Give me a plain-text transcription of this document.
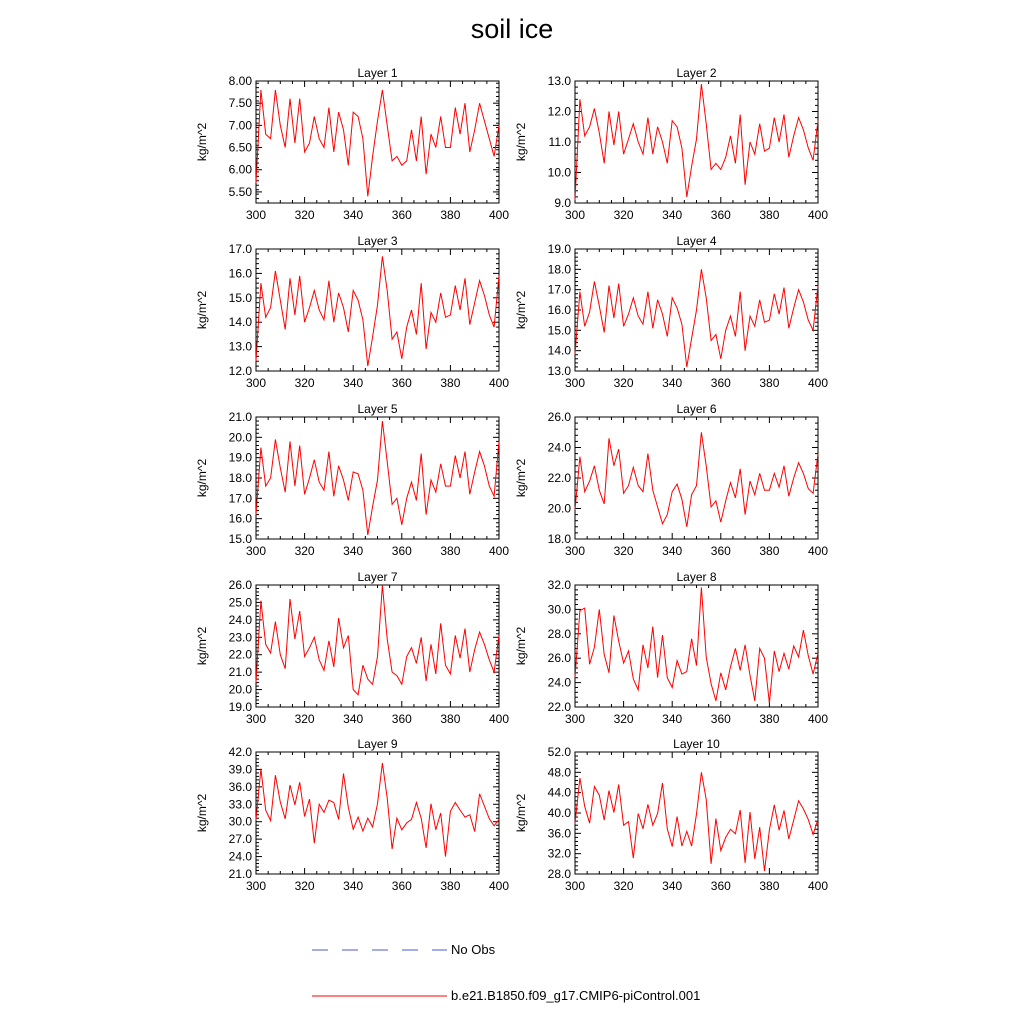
soil ice
Layer 1
kg/m^2
300 320 340 360 380 400
5.50
6.00
6.50
7.00
7.50
8.00
Layer 2
kg/m^2
300 320 340 360 380 400
9.0
10.0
11.0
12.0
13.0
Layer 3
kg/m^2
300 320 340 360 380 400
12.0
13.0
14.0
15.0
16.0
17.0
Layer 4
kg/m^2
300 320 340 360 380 400
13.0
14.0
15.0
16.0
17.0
18.0
19.0
Layer 5
kg/m^2
300 320 340 360 380 400
15.0
16.0
17.0
18.0
19.0
20.0
21.0
Layer 6
kg/m^2
300 320 340 360 380 400
18.0
20.0
22.0
24.0
26.0
Layer 7
kg/m^2
300 320 340 360 380 400
19.0
20.0
21.0
22.0
23.0
24.0
25.0
26.0
Layer 8
kg/m^2
300 320 340 360 380 400
22.0
24.0
26.0
28.0
30.0
32.0
Layer 9
kg/m^2
300 320 340 360 380 400
21.0
24.0
27.0
30.0
33.0
36.0
39.0
42.0
Layer 10
kg/m^2
300 320 340 360 380 400
28.0
32.0
36.0
40.0
44.0
48.0
52.0
No Obs
b.e21.B1850.f09_g17.CMIP6-piControl.001
